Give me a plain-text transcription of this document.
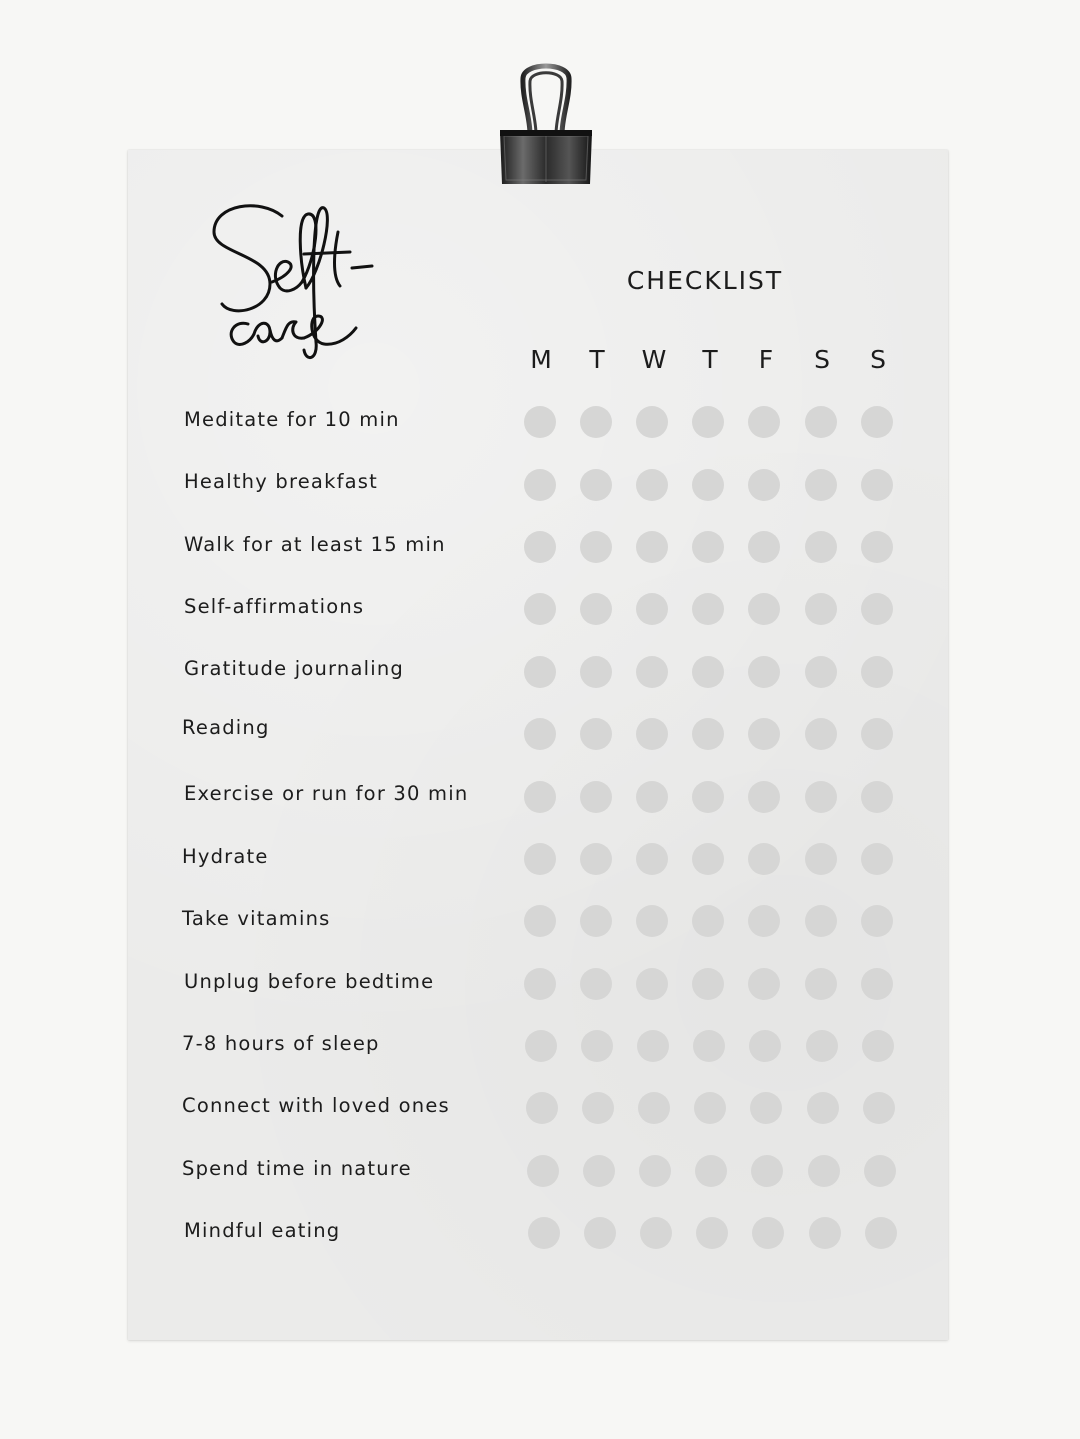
CHECKLIST
M	T	W	T	F	S	S
Meditate for 10 min
Healthy breakfast
Walk for at least 15 min
Self-affirmations
Gratitude journaling
Reading
Exercise or run for 30 min
Hydrate
Take vitamins
Unplug before bedtime
7-8 hours of sleep
Connect with loved ones
Spend time in nature
Mindful eating
